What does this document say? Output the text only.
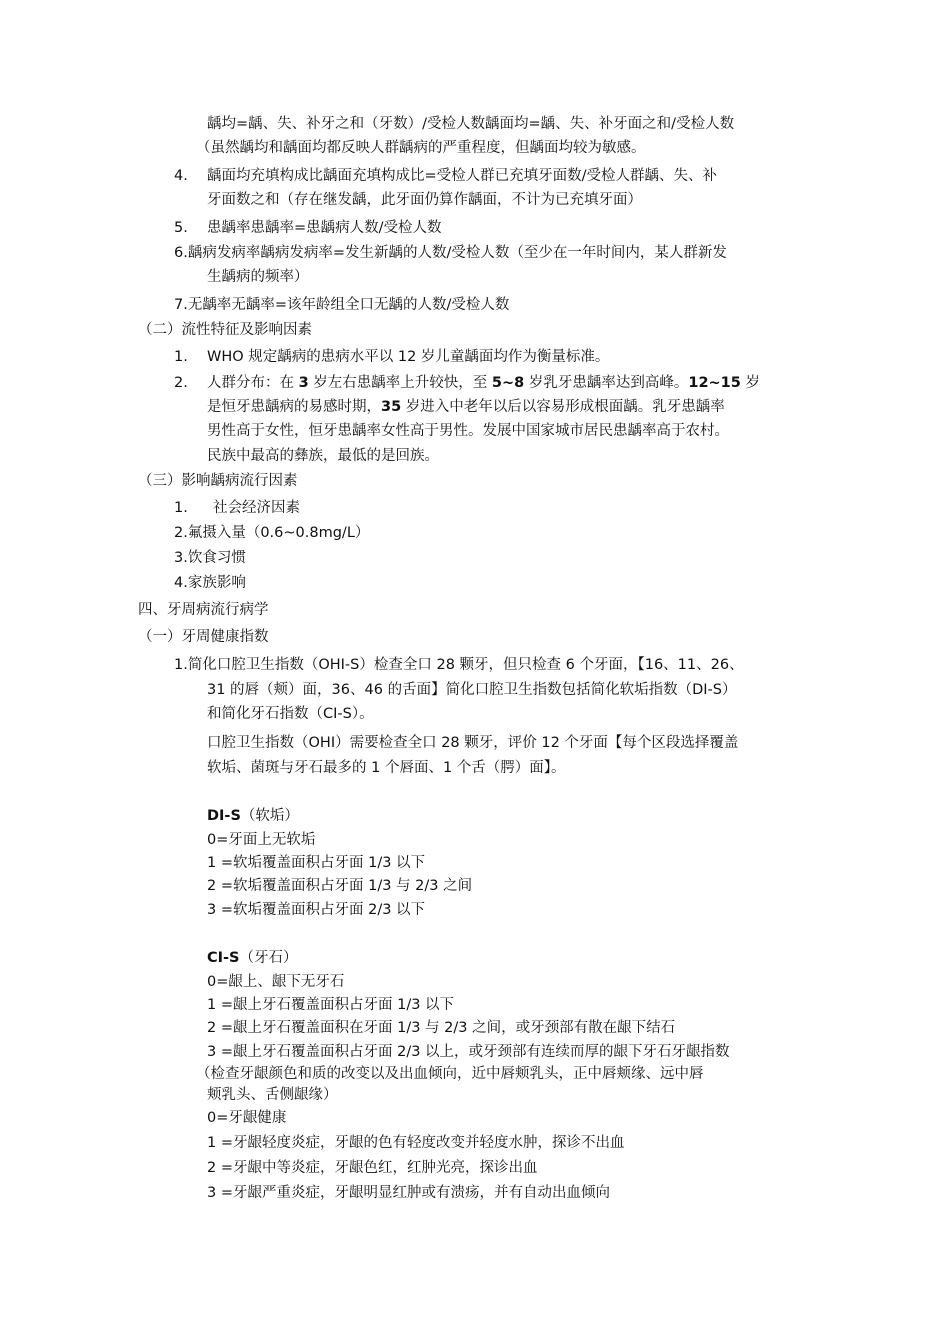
龋均=龋、失、补牙之和（牙数）/受检人数龋面均=龋、失、补牙面之和/受检人数
（虽然龋均和龋面均都反映人群龋病的严重程度，但龋面均较为敏感。
4. 龋面均充填构成比龋面充填构成比=受检人群已充填牙面数/受检人群龋、失、补
牙面数之和（存在继发龋，此牙面仍算作龋面，不计为已充填牙面）
5. 患龋率患龋率=患龋病人数/受检人数
6.龋病发病率龋病发病率=发生新龋的人数/受检人数（至少在一年时间内，某人群新发
生龋病的频率）
7.无龋率无龋率=该年龄组全口无龋的人数/受检人数
（二）流性特征及影响因素
1. WHO 规定龋病的患病水平以 12 岁儿童龋面均作为衡量标准。
2. 人群分布：在 3 岁左右患龋率上升较快，至 5~8 岁乳牙患龋率达到高峰。12~15 岁
是恒牙患龋病的易感时期，35 岁进入中老年以后以容易形成根面龋。乳牙患龋率
男性高于女性，恒牙患龋率女性高于男性。发展中国家城市居民患龋率高于农村。
民族中最高的彝族，最低的是回族。
（三）影响龋病流行因素
1. 社会经济因素
2.氟摄入量（0.6~0.8mg/L）
3.饮食习惯
4.家族影响
四、牙周病流行病学
（一）牙周健康指数
1.简化口腔卫生指数（OHI-S）检查全口 28 颗牙，但只检查 6 个牙面，【16、11、26、
31 的唇（颊）面，36、46 的舌面】简化口腔卫生指数包括简化软垢指数（DI-S）
和简化牙石指数（CI-S）。
口腔卫生指数（OHI）需要检查全口 28 颗牙，评价 12 个牙面【每个区段选择覆盖
软垢、菌斑与牙石最多的 1 个唇面、1 个舌（腭）面】。
DI-S（软垢）
0=牙面上无软垢
1 =软垢覆盖面积占牙面 1/3 以下
2 =软垢覆盖面积占牙面 1/3 与 2/3 之间
3 =软垢覆盖面积占牙面 2/3 以下
CI-S（牙石）
0=龈上、龈下无牙石
1 =龈上牙石覆盖面积占牙面 1/3 以下
2 =龈上牙石覆盖面积在牙面 1/3 与 2/3 之间，或牙颈部有散在龈下结石
3 =龈上牙石覆盖面积占牙面 2/3 以上，或牙颈部有连续而厚的龈下牙石牙龈指数
（检查牙龈颜色和质的改变以及出血倾向，近中唇颊乳头，正中唇颊缘、远中唇
颊乳头、舌侧龈缘）
0=牙龈健康
1 =牙龈轻度炎症，牙龈的色有轻度改变并轻度水肿，探诊不出血
2 =牙龈中等炎症，牙龈色红，红肿光亮，探诊出血
3 =牙龈严重炎症，牙龈明显红肿或有溃疡，并有自动出血倾向
